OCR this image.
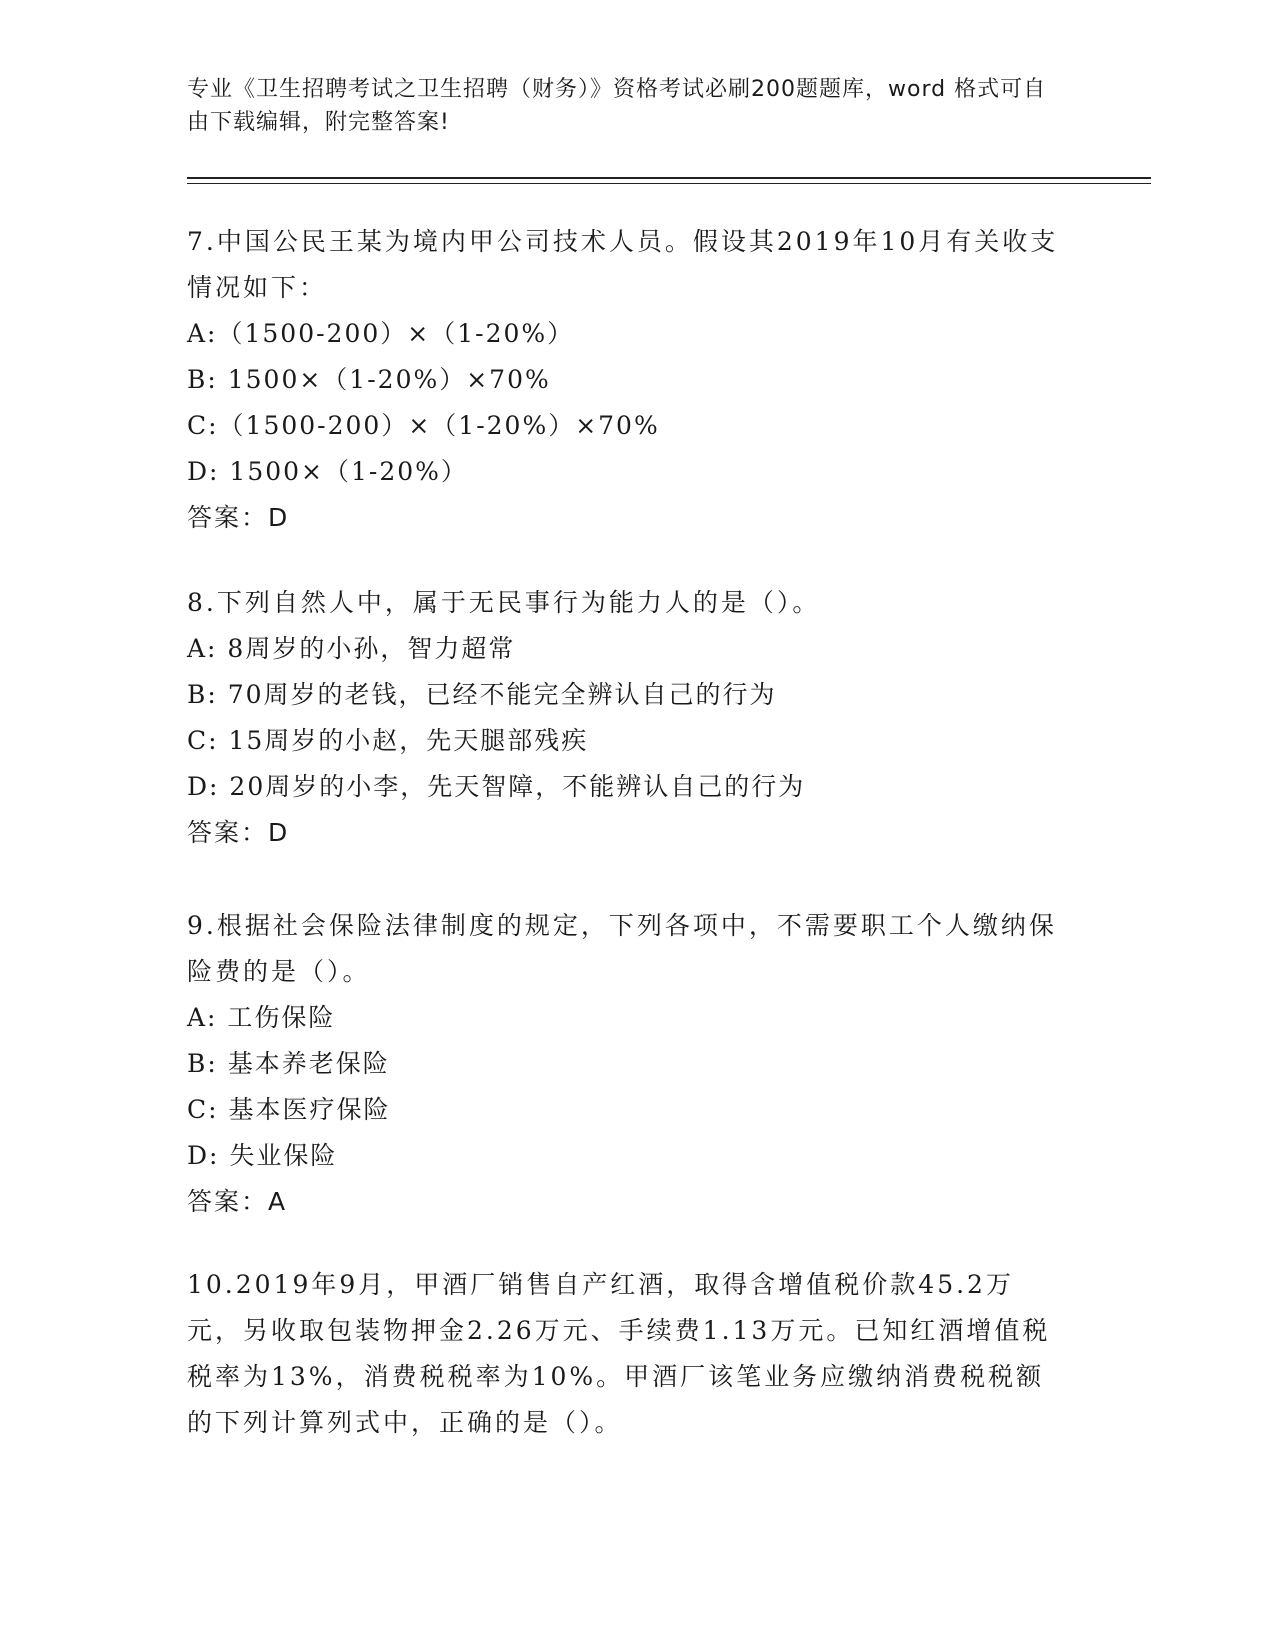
专业《卫生招聘考试之卫生招聘（财务）》资格考试必刷200题题库，word 格式可自由下载编辑，附完整答案!
7.中国公民王某为境内甲公司技术人员。假设其2019年10月有关收支情况如下：
A:（1500-200）×（1-20%）
B: 1500×（1-20%）×70%
C:（1500-200）×（1-20%）×70%
D: 1500×（1-20%）
答案：D
8.下列自然人中，属于无民事行为能力人的是（）。
A: 8周岁的小孙，智力超常
B: 70周岁的老钱，已经不能完全辨认自己的行为
C: 15周岁的小赵，先天腿部残疾
D: 20周岁的小李，先天智障，不能辨认自己的行为
答案：D
9.根据社会保险法律制度的规定，下列各项中，不需要职工个人缴纳保险费的是（）。
A: 工伤保险
B: 基本养老保险
C: 基本医疗保险
D: 失业保险
答案：A
10.2019年9月，甲酒厂销售自产红酒，取得含增值税价款45.2万元，另收取包装物押金2.26万元、手续费1.13万元。已知红酒增值税税率为13%，消费税税率为10%。甲酒厂该笔业务应缴纳消费税税额的下列计算列式中，正确的是（）。
